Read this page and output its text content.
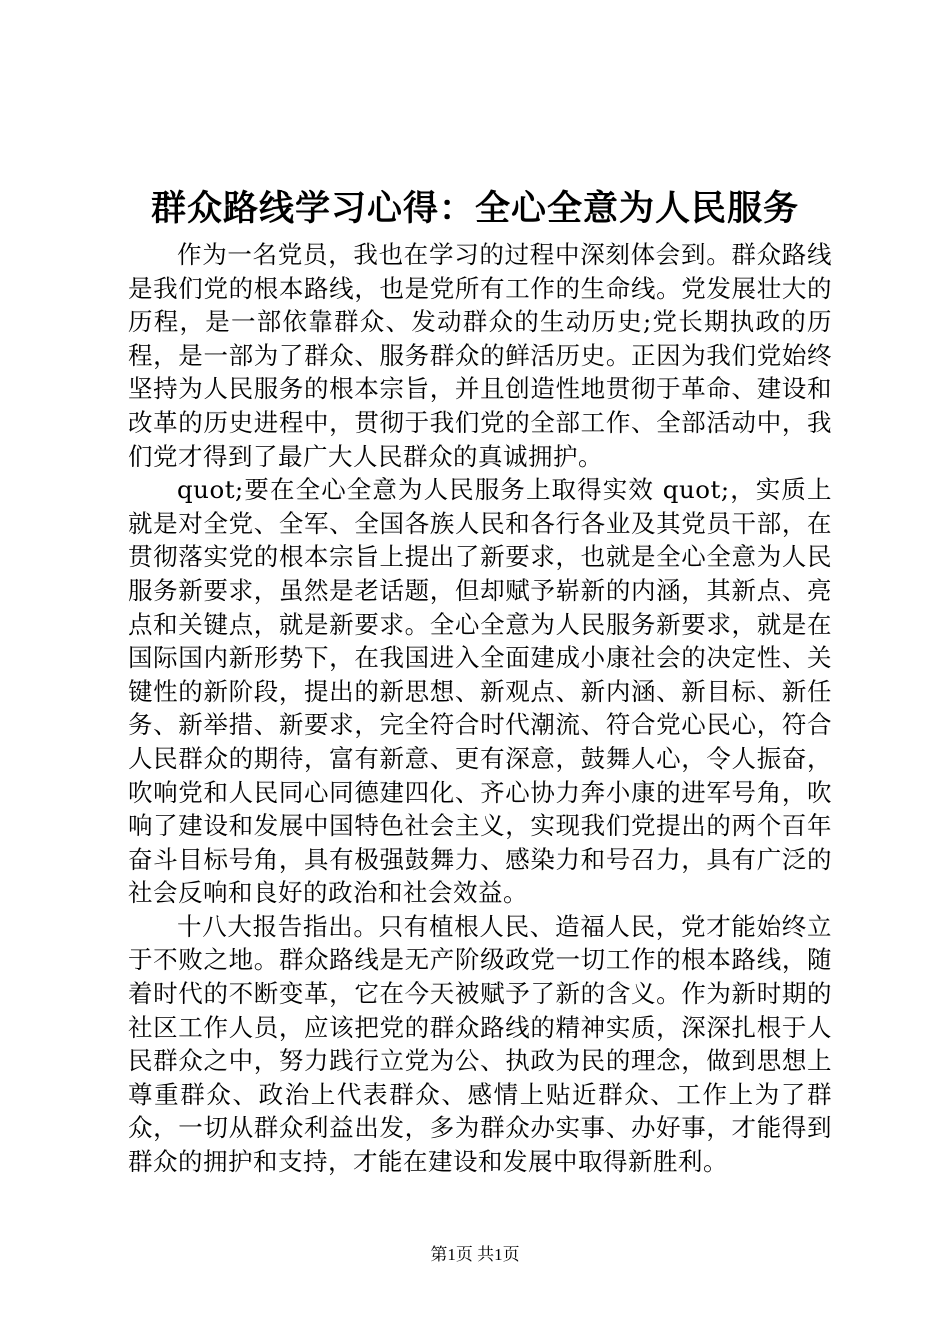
群众路线学习心得：全心全意为人民服务

作为一名党员，我也在学习的过程中深刻体会到。群众路线是我们党的根本路线，也是党所有工作的生命线。党发展壮大的历程，是一部依靠群众、发动群众的生动历史;党长期执政的历程，是一部为了群众、服务群众的鲜活历史。正因为我们党始终坚持为人民服务的根本宗旨，并且创造性地贯彻于革命、建设和改革的历史进程中，贯彻于我们党的全部工作、全部活动中，我们党才得到了最广大人民群众的真诚拥护。

quot;要在全心全意为人民服务上取得实效 quot;，实质上就是对全党、全军、全国各族人民和各行各业及其党员干部，在贯彻落实党的根本宗旨上提出了新要求，也就是全心全意为人民服务新要求，虽然是老话题，但却赋予崭新的内涵，其新点、亮点和关键点，就是新要求。全心全意为人民服务新要求，就是在国际国内新形势下，在我国进入全面建成小康社会的决定性、关键性的新阶段，提出的新思想、新观点、新内涵、新目标、新任务、新举措、新要求，完全符合时代潮流、符合党心民心，符合人民群众的期待，富有新意、更有深意，鼓舞人心，令人振奋，吹响党和人民同心同德建四化、齐心协力奔小康的进军号角，吹响了建设和发展中国特色社会主义，实现我们党提出的两个百年奋斗目标号角，具有极强鼓舞力、感染力和号召力，具有广泛的社会反响和良好的政治和社会效益。

十八大报告指出。只有植根人民、造福人民，党才能始终立于不败之地。群众路线是无产阶级政党一切工作的根本路线，随着时代的不断变革，它在今天被赋予了新的含义。作为新时期的社区工作人员，应该把党的群众路线的精神实质，深深扎根于人民群众之中，努力践行立党为公、执政为民的理念，做到思想上尊重群众、政治上代表群众、感情上贴近群众、工作上为了群众，一切从群众利益出发，多为群众办实事、办好事，才能得到群众的拥护和支持，才能在建设和发展中取得新胜利。

第1页 共1页
